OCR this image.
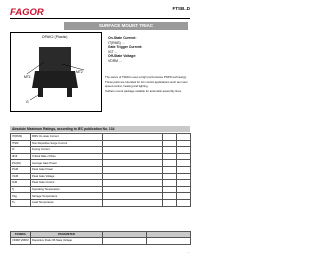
FAGOR	FTSB..D
SURFACE MOUNT TRIAC
DPAK2 (Plastic)
MT2
MT1
G
On-State Current:
IT(RMS) ...
Gate Trigger Current:
IGT ...
Off-State Voltage:
VDRM ...
The series of TRIACs uses a high performance PNPN technology.
These parts are intended for AC control applications such as motor speed control, heating and lighting.
Surface mount package suitable for automatic assembly lines.
Absolute Maximum Ratings, according to IEC publication No. 134
IT(RMS)	RMS On-state Current			
ITSM	Non Repetitive Surge Current			
I²t	Fusing Current			
dI/dt	Critical Rate of Rise			
PG(AV)	Average Gate Power			
PGM	Peak Gate Power			
VGM	Peak Gate Voltage			
IGM	Peak Gate Current			
Tj	Operating Temperature			
Tstg	Storage Temperature			
TL	Lead Temperature			
SYMBOL	PARAMETER		
VDRM VRRM	Repetitive Peak Off-State Voltage		
...
